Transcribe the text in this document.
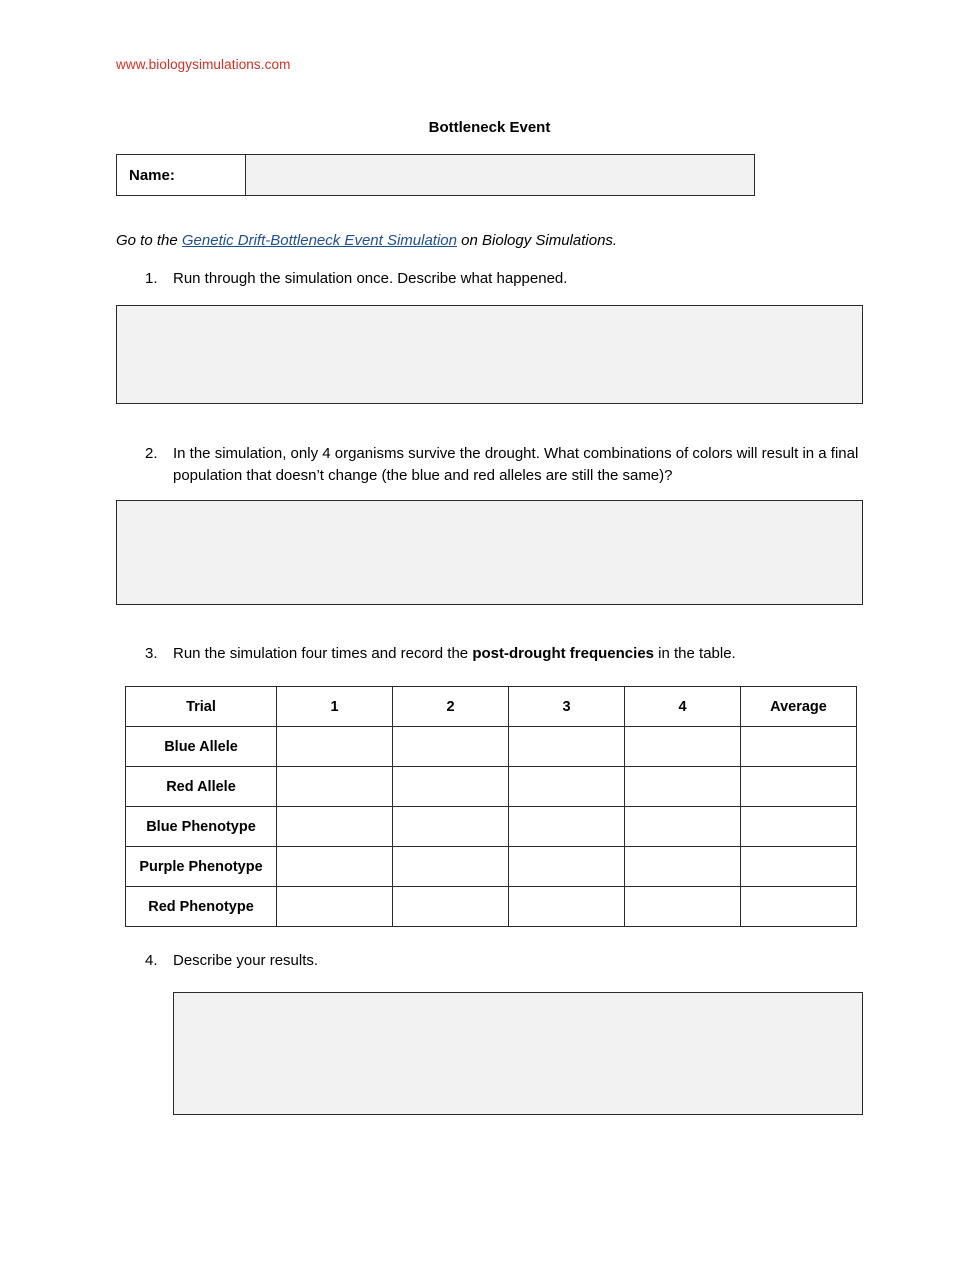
www.biologysimulations.com
Bottleneck Event
Name:	
Go to the Genetic Drift-Bottleneck Event Simulation on Biology Simulations.
1.	Run through the simulation once. Describe what happened.
2.	In the simulation, only 4 organisms survive the drought. What combinations of colors will result in a final population that doesn’t change (the blue and red alleles are still the same)?
3.	Run the simulation four times and record the post-drought frequencies in the table.
Trial	1	2	3	4	Average
Blue Allele					
Red Allele					
Blue Phenotype					
Purple Phenotype					
Red Phenotype					
4.	Describe your results.
